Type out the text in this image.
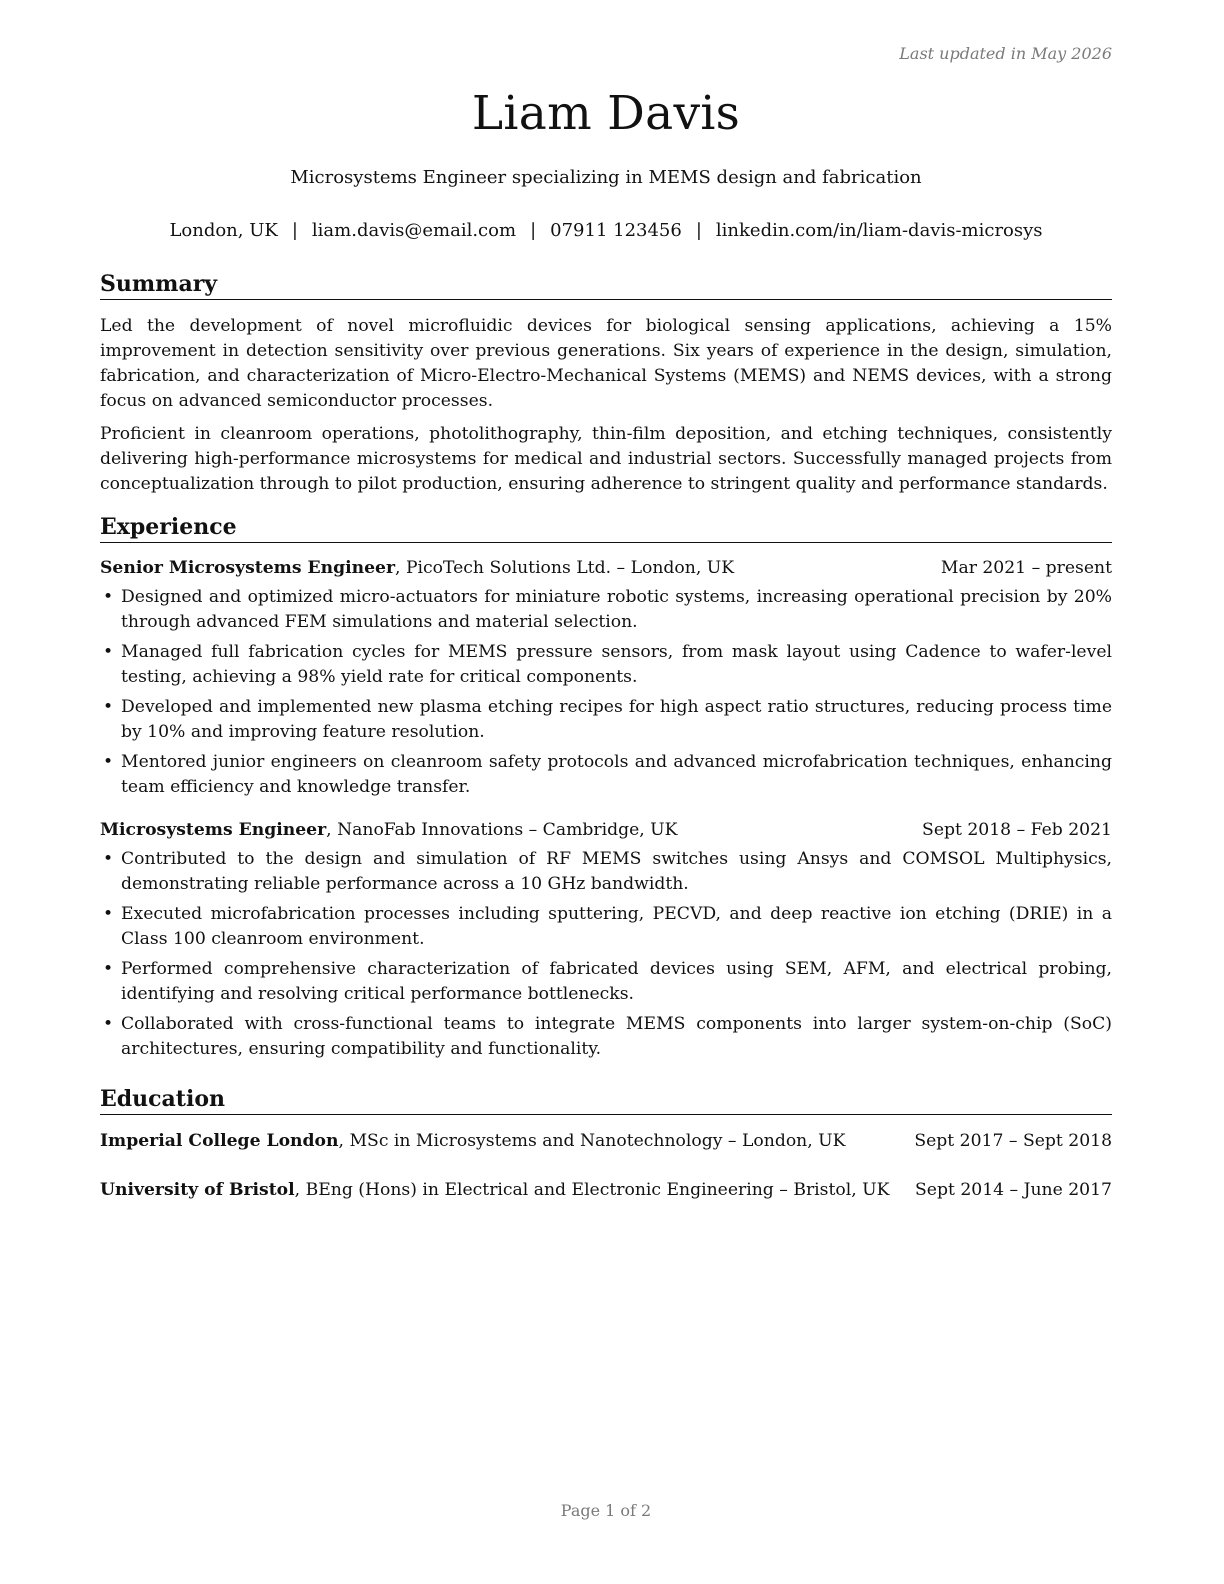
Last updated in May 2026
Liam Davis
Microsystems Engineer specializing in MEMS design and fabrication
London, UK | liam.davis@email.com | 07911 123456 | linkedin.com/in/liam-davis-microsys
Summary

Led the development of novel microfluidic devices for biological sensing applications, achieving a 15% improvement in detection sensitivity over previous generations. Six years of experience in the design, simulation, fabrication, and characterization of Micro-Electro-Mechanical Systems (MEMS) and NEMS devices, with a strong focus on advanced semiconductor processes.

Proficient in cleanroom operations, photolithography, thin-film deposition, and etching techniques, consistently delivering high-performance microsystems for medical and industrial sectors. Successfully managed projects from conceptualization through to pilot production, ensuring adherence to stringent quality and performance standards.

Experience
Senior Microsystems Engineer, PicoTech Solutions Ltd. – London, UK	Mar 2021 – present
• Designed and optimized micro-actuators for miniature robotic systems, increasing operational precision by 20% through advanced FEM simulations and material selection.
• Managed full fabrication cycles for MEMS pressure sensors, from mask layout using Cadence to wafer-level testing, achieving a 98% yield rate for critical components.
• Developed and implemented new plasma etching recipes for high aspect ratio structures, reducing process time by 10% and improving feature resolution.
• Mentored junior engineers on cleanroom safety protocols and advanced microfabrication techniques, enhancing team efficiency and knowledge transfer.
Microsystems Engineer, NanoFab Innovations – Cambridge, UK	Sept 2018 – Feb 2021
• Contributed to the design and simulation of RF MEMS switches using Ansys and COMSOL Multiphysics, demonstrating reliable performance across a 10 GHz bandwidth.
• Executed microfabrication processes including sputtering, PECVD, and deep reactive ion etching (DRIE) in a Class 100 cleanroom environment.
• Performed comprehensive characterization of fabricated devices using SEM, AFM, and electrical probing, identifying and resolving critical performance bottlenecks.
• Collaborated with cross-functional teams to integrate MEMS components into larger system-on-chip (SoC) architectures, ensuring compatibility and functionality.
Education
Imperial College London, MSc in Microsystems and Nanotechnology – London, UK	Sept 2017 – Sept 2018
University of Bristol, BEng (Hons) in Electrical and Electronic Engineering – Bristol, UK Sept 2014 – June 2017
Page 1 of 2
